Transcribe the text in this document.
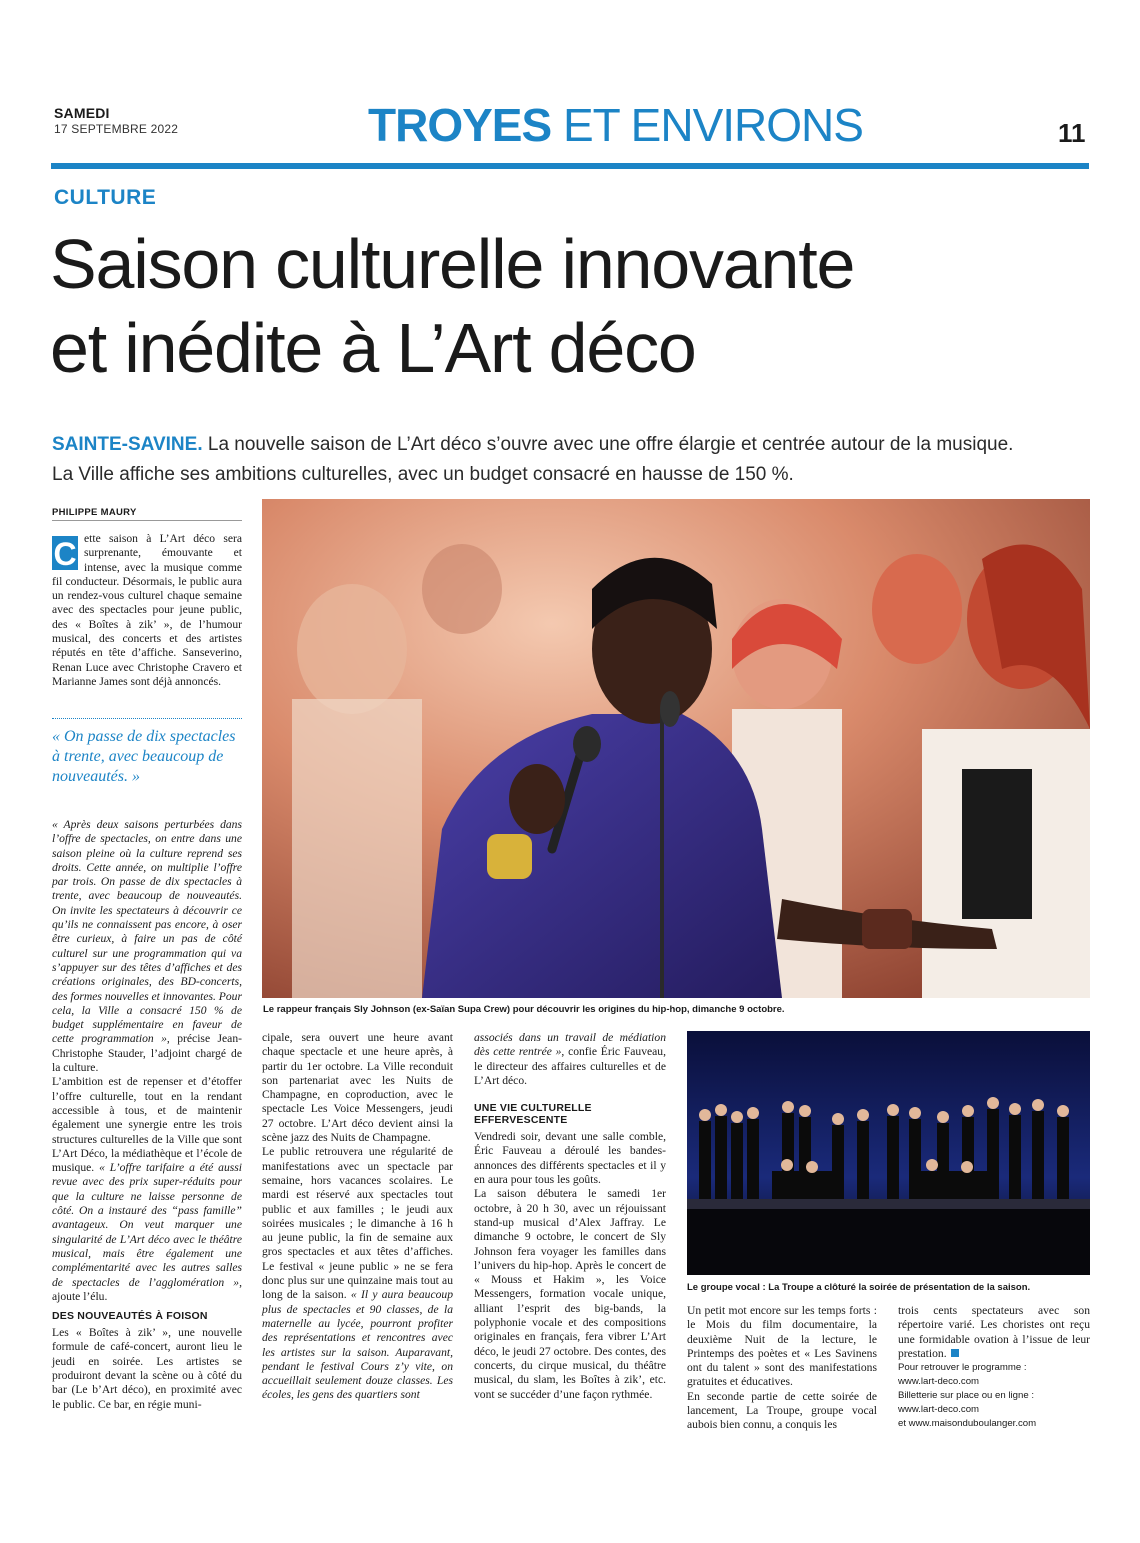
SAMEDI
17 SEPTEMBRE 2022	TROYES ET ENVIRONS	11
CULTURE
Saison culturelle innovante
et inédite à L’Art déco
SAINTE-SAVINE. La nouvelle saison de L’Art déco s’ouvre avec une offre élargie et centrée autour de la musique.
La Ville affiche ses ambitions culturelles, avec un budget consacré en hausse de 150 %.
PHILIPPE MAURY
C ette saison à L’Art déco sera surprenante, émouvante et intense, avec la musique comme fil conducteur. Désormais, le public aura un rendez-vous culturel chaque semaine avec des spectacles pour jeune public, des « Boîtes à zik’ », de l’humour musical, des concerts et des artistes réputés en tête d’affiche. Sanseverino, Renan Luce avec Christophe Cravero et Marianne James sont déjà annoncés.

« On passe de dix spectacles à trente, avec beaucoup de nouveautés. »

« Après deux saisons perturbées dans l’offre de spectacles, on entre dans une saison pleine où la culture reprend ses droits. Cette année, on multiplie l’offre par trois. On passe de dix spectacles à trente, avec beaucoup de nouveautés. On invite les spectateurs à découvrir ce qu’ils ne connaissent pas encore, à oser être curieux, à faire un pas de côté culturel sur une programmation qui va s’appuyer sur des têtes d’affiches et des créations originales, des BD-concerts, des formes nouvelles et innovantes. Pour cela, la Ville a consacré 150 % de budget supplémentaire en faveur de cette programmation », précise Jean-Christophe Stauder, l’adjoint chargé de la culture.

L’ambition est de repenser et d’étoffer l’offre culturelle, tout en la rendant accessible à tous, et de maintenir également une synergie entre les trois structures culturelles de la Ville que sont L’Art Déco, la médiathèque et l’école de musique. « L’offre tarifaire a été aussi revue avec des prix super-réduits pour que la culture ne laisse personne de côté. On a instauré des “pass famille” avantageux. On veut marquer une singularité de L’Art déco avec le théâtre musical, mais être également une complémentarité avec les autres salles de spectacles de l’agglomération », ajoute l’élu.

DES NOUVEAUTÉS À FOISON

Les « Boîtes à zik’ », une nouvelle formule de café-concert, auront lieu le jeudi en soirée. Les artistes se produiront devant la scène ou à côté du bar (Le b’Art déco), en proximité avec le public. Ce bar, en régie muni-

cipale, sera ouvert une heure avant chaque spectacle et une heure après, à partir du 1er octobre. La Ville reconduit son partenariat avec les Nuits de Champagne, en coproduction, avec le spectacle Les Voice Messengers, jeudi 27 octobre. L’Art déco devient ainsi la scène jazz des Nuits de Champagne.

Le public retrouvera une régularité de manifestations avec un spectacle par semaine, hors vacances scolaires. Le mardi est réservé aux spectacles tout public et aux familles ; le jeudi aux soirées musicales ; le dimanche à 16 h au jeune public, la fin de semaine aux gros spectacles et aux têtes d’affiches. Le festival « jeune public » ne se fera donc plus sur une quinzaine mais tout au long de la saison. « Il y aura beaucoup plus de spectacles et 90 classes, de la maternelle au lycée, pourront profiter des représentations et rencontres avec les artistes sur la saison. Auparavant, pendant le festival Cours z’y vite, on accueillait seulement douze classes. Les écoles, les gens des quartiers sont

associés dans un travail de médiation dès cette rentrée », confie Éric Fauveau, le directeur des affaires culturelles et de L’Art déco.

UNE VIE CULTURELLE
EFFERVESCENTE

Vendredi soir, devant une salle comble, Éric Fauveau a déroulé les bandes-annonces des différents spectacles et il y en aura pour tous les goûts.

La saison débutera le samedi 1er octobre, à 20 h 30, avec un réjouissant stand-up musical d’Alex Jaffray. Le dimanche 9 octobre, le concert de Sly Johnson fera voyager les familles dans l’univers du hip-hop. Après le concert de « Mouss et Hakim », les Voice Messengers, formation vocale unique, alliant l’esprit des big-bands, la polyphonie vocale et des compositions originales en français, fera vibrer L’Art déco, le jeudi 27 octobre. Des contes, des concerts, du cirque musical, du théâtre musical, du slam, les Boîtes à zik’, etc. vont se succéder d’une façon rythmée.

Un petit mot encore sur les temps forts : le Mois du film documentaire, la deuxième Nuit de la lecture, le Printemps des poètes et « Les Savinens ont du talent » sont des manifestations gratuites et éducatives.

En seconde partie de cette soirée de lancement, La Troupe, groupe vocal aubois bien connu, a conquis les

trois cents spectateurs avec son répertoire varié. Les choristes ont reçu une formidable ovation à l’issue de leur prestation.

Pour retrouver le programme :
www.lart-deco.com
Billetterie sur place ou en ligne :
www.lart-deco.com
et www.maisonduboulanger.com
Le rappeur français Sly Johnson (ex-Saïan Supa Crew) pour découvrir les origines du hip-hop, dimanche 9 octobre.
Le groupe vocal : La Troupe a clôturé la soirée de présentation de la saison.
